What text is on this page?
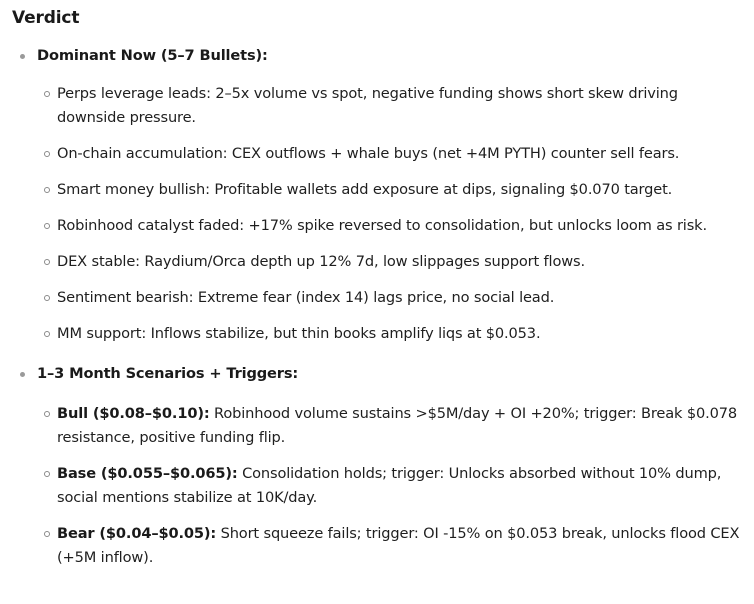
Verdict
Dominant Now (5–7 Bullets):
Perps leverage leads: 2–5x volume vs spot, negative funding shows short skew driving downside pressure.
On-chain accumulation: CEX outflows + whale buys (net +4M PYTH) counter sell fears.
Smart money bullish: Profitable wallets add exposure at dips, signaling $0.070 target.
Robinhood catalyst faded: +17% spike reversed to consolidation, but unlocks loom as risk.
DEX stable: Raydium/Orca depth up 12% 7d, low slippages support flows.
Sentiment bearish: Extreme fear (index 14) lags price, no social lead.
MM support: Inflows stabilize, but thin books amplify liqs at $0.053.
1–3 Month Scenarios + Triggers:
Bull ($0.08–$0.10): Robinhood volume sustains >$5M/day + OI +20%; trigger: Break $0.078 resistance, positive funding flip.
Base ($0.055–$0.065): Consolidation holds; trigger: Unlocks absorbed without 10% dump, social mentions stabilize at 10K/day.
Bear ($0.04–$0.05): Short squeeze fails; trigger: OI -15% on $0.053 break, unlocks flood CEX (+5M inflow).
